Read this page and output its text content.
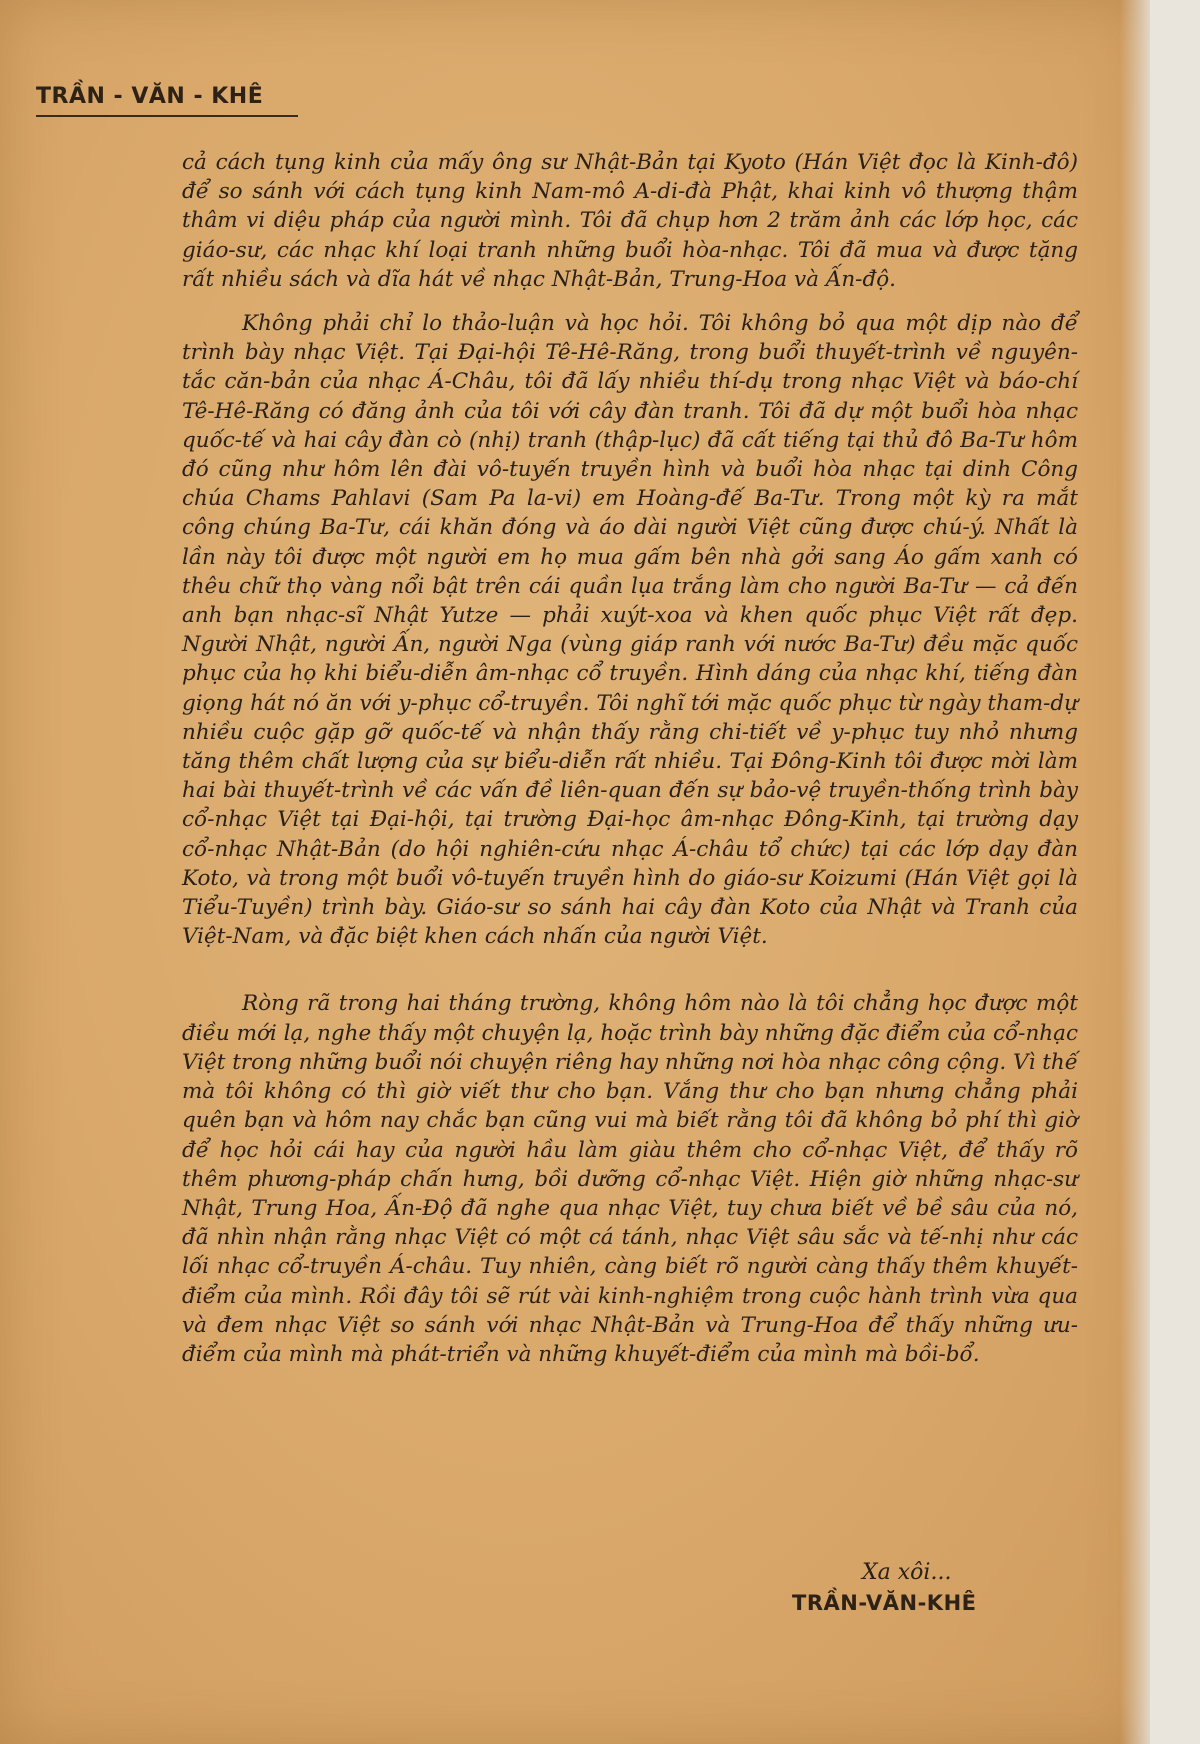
TRẦN - VĂN - KHÊ

cả cách tụng kinh của mấy ông sư Nhật-Bản tại Kyoto (Hán Việt đọc là Kinh-đô) để so sánh với cách tụng kinh Nam-mô A-di-đà Phật, khai kinh vô thượng thậm thâm vi diệu pháp của người mình. Tôi đã chụp hơn 2 trăm ảnh các lớp học, các giáo-sư, các nhạc khí loại tranh những buổi hòa-nhạc. Tôi đã mua và được tặng rất nhiều sách và dĩa hát về nhạc Nhật-Bản, Trung-Hoa và Ấn-độ.

Không phải chỉ lo thảo-luận và học hỏi. Tôi không bỏ qua một dịp nào để trình bày nhạc Việt. Tại Đại-hội Tê-Hê-Răng, trong buổi thuyết-trình về nguyên-tắc căn-bản của nhạc Á-Châu, tôi đã lấy nhiều thí-dụ trong nhạc Việt và báo-chí Tê-Hê-Răng có đăng ảnh của tôi với cây đàn tranh. Tôi đã dự một buổi hòa nhạc quốc-tế và hai cây đàn cò (nhị) tranh (thập-lục) đã cất tiếng tại thủ đô Ba-Tư hôm đó cũng như hôm lên đài vô-tuyến truyền hình và buổi hòa nhạc tại dinh Công chúa Chams Pahlavi (Sam Pa la-vi) em Hoàng-đế Ba-Tư. Trong một kỳ ra mắt công chúng Ba-Tư, cái khăn đóng và áo dài người Việt cũng được chú-ý. Nhất là lần này tôi được một người em họ mua gấm bên nhà gởi sang Áo gấm xanh có thêu chữ thọ vàng nổi bật trên cái quần lụa trắng làm cho người Ba-Tư — cả đến anh bạn nhạc-sĩ Nhật Yutze — phải xuýt-xoa và khen quốc phục Việt rất đẹp. Người Nhật, người Ấn, người Nga (vùng giáp ranh với nước Ba-Tư) đều mặc quốc phục của họ khi biểu-diễn âm-nhạc cổ truyền. Hình dáng của nhạc khí, tiếng đàn giọng hát nó ăn với y-phục cổ-truyền. Tôi nghĩ tới mặc quốc phục từ ngày tham-dự nhiều cuộc gặp gỡ quốc-tế và nhận thấy rằng chi-tiết về y-phục tuy nhỏ nhưng tăng thêm chất lượng của sự biểu-diễn rất nhiều. Tại Đông-Kinh tôi được mời làm hai bài thuyết-trình về các vấn đề liên-quan đến sự bảo-vệ truyền-thống trình bày cổ-nhạc Việt tại Đại-hội, tại trường Đại-học âm-nhạc Đông-Kinh, tại trường dạy cổ-nhạc Nhật-Bản (do hội nghiên-cứu nhạc Á-châu tổ chức) tại các lớp dạy đàn Koto, và trong một buổi vô-tuyến truyền hình do giáo-sư Koizumi (Hán Việt gọi là Tiểu-Tuyền) trình bày. Giáo-sư so sánh hai cây đàn Koto của Nhật và Tranh của Việt-Nam, và đặc biệt khen cách nhấn của người Việt.

Ròng rã trong hai tháng trường, không hôm nào là tôi chẳng học được một điều mới lạ, nghe thấy một chuyện lạ, hoặc trình bày những đặc điểm của cổ-nhạc Việt trong những buổi nói chuyện riêng hay những nơi hòa nhạc công cộng. Vì thế mà tôi không có thì giờ viết thư cho bạn. Vắng thư cho bạn nhưng chẳng phải quên bạn và hôm nay chắc bạn cũng vui mà biết rằng tôi đã không bỏ phí thì giờ để học hỏi cái hay của người hầu làm giàu thêm cho cổ-nhạc Việt, để thấy rõ thêm phương-pháp chấn hưng, bồi dưỡng cổ-nhạc Việt. Hiện giờ những nhạc-sư Nhật, Trung Hoa, Ấn-Độ đã nghe qua nhạc Việt, tuy chưa biết về bề sâu của nó, đã nhìn nhận rằng nhạc Việt có một cá tánh, nhạc Việt sâu sắc và tế-nhị như các lối nhạc cổ-truyền Á-châu. Tuy nhiên, càng biết rõ người càng thấy thêm khuyết-điểm của mình. Rồi đây tôi sẽ rút vài kinh-nghiệm trong cuộc hành trình vừa qua và đem nhạc Việt so sánh với nhạc Nhật-Bản và Trung-Hoa để thấy những ưu-điểm của mình mà phát-triển và những khuyết-điểm của mình mà bồi-bổ.

Xa xôi...
TRẦN-VĂN-KHÊ
